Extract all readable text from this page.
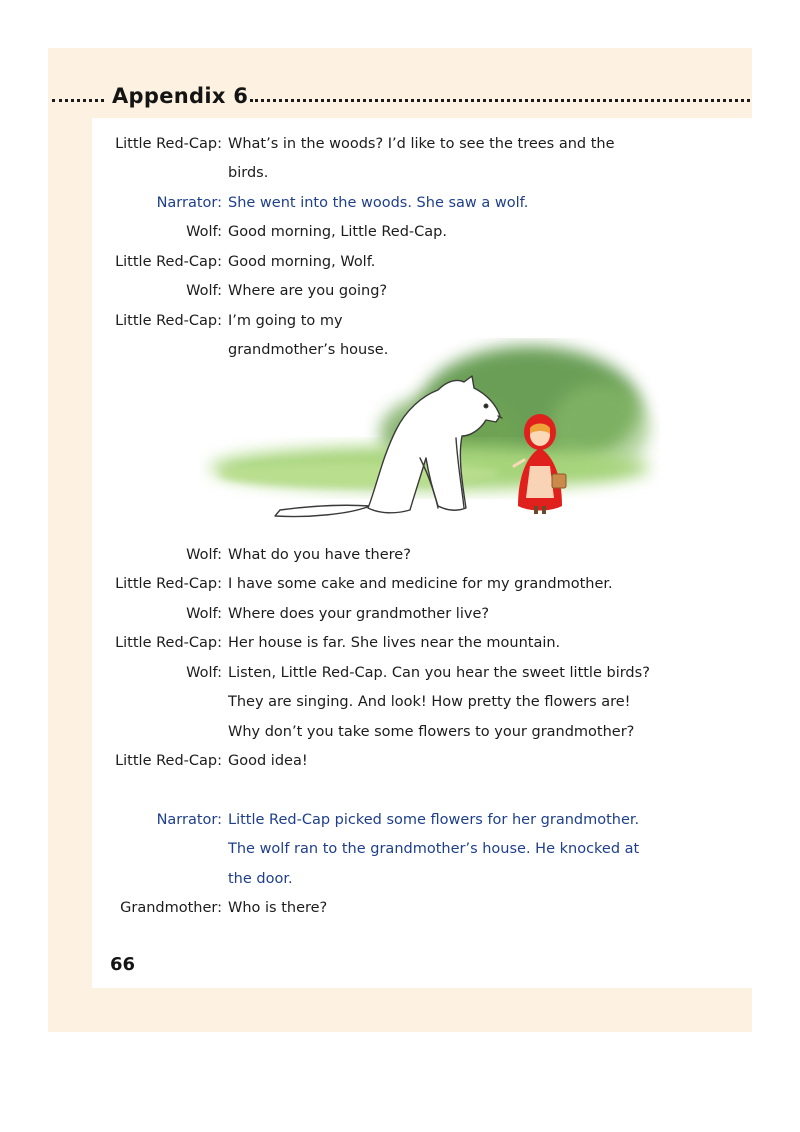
Appendix 6
Little Red-Cap: What’s in the woods? I’d like to see the trees and the
birds.
Narrator: She went into the woods. She saw a wolf.
Wolf: Good morning, Little Red-Cap.
Little Red-Cap: Good morning, Wolf.
Wolf: Where are you going?
Little Red-Cap: I’m going to my
grandmother’s house.
Wolf: What do you have there?
Little Red-Cap: I have some cake and medicine for my grandmother.
Wolf: Where does your grandmother live?
Little Red-Cap: Her house is far. She lives near the mountain.
Wolf: Listen, Little Red-Cap. Can you hear the sweet little birds?
They are singing. And look! How pretty the flowers are!
Why don’t you take some flowers to your grandmother?
Little Red-Cap: Good idea!
Narrator: Little Red-Cap picked some flowers for her grandmother.
The wolf ran to the grandmother’s house. He knocked at
the door.
Grandmother: Who is there?
66
